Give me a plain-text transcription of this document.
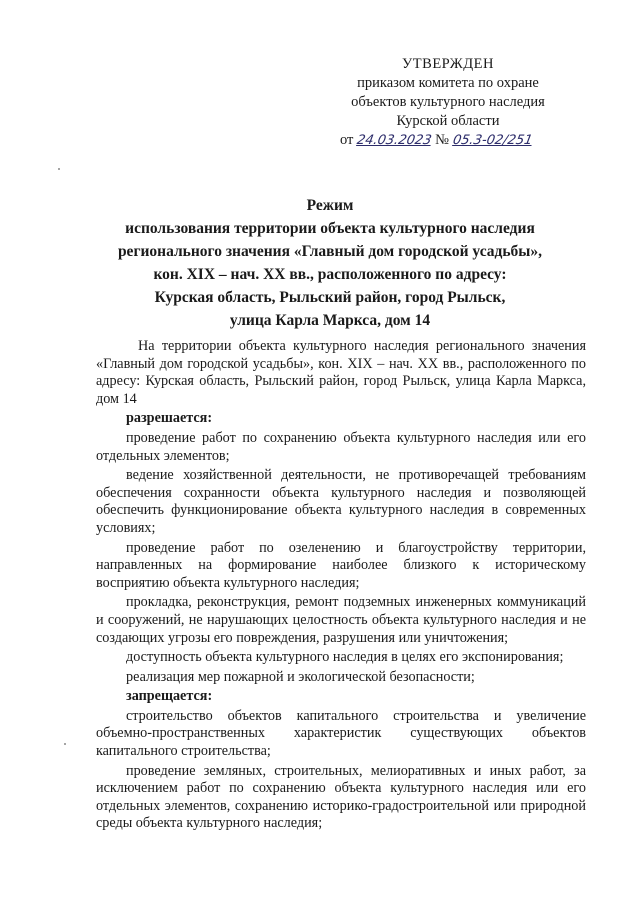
УТВЕРЖДЕН
приказом комитета по охране
объектов культурного наследия
Курской области
от 24.03.2023 № 05.3-02/251
Режим
использования территории объекта культурного наследия
регионального значения «Главный дом городской усадьбы»,
кон. XIX – нач. XX вв., расположенного по адресу:
Курская область, Рыльский район, город Рыльск,
улица Карла Маркса, дом 14

На территории объекта культурного наследия регионального значения «Главный дом городской усадьбы», кон. XIX – нач. XX вв., расположенного по адресу: Курская область, Рыльский район, город Рыльск, улица Карла Маркса, дом 14

разрешается:

проведение работ по сохранению объекта культурного наследия или его отдельных элементов;

ведение хозяйственной деятельности, не противоречащей требованиям обеспечения сохранности объекта культурного наследия и позволяющей обеспечить функционирование объекта культурного наследия в современных условиях;

проведение работ по озеленению и благоустройству территории, направленных на формирование наиболее близкого к историческому восприятию объекта культурного наследия;

прокладка, реконструкция, ремонт подземных инженерных коммуникаций и сооружений, не нарушающих целостность объекта культурного наследия и не создающих угрозы его повреждения, разрушения или уничтожения;

доступность объекта культурного наследия в целях его экспонирования;

реализация мер пожарной и экологической безопасности;

запрещается:

строительство объектов капитального строительства и увеличение объемно-пространственных характеристик существующих объектов капитального строительства;

проведение земляных, строительных, мелиоративных и иных работ, за исключением работ по сохранению объекта культурного наследия или его отдельных элементов, сохранению историко-градостроительной или природной среды объекта культурного наследия;
